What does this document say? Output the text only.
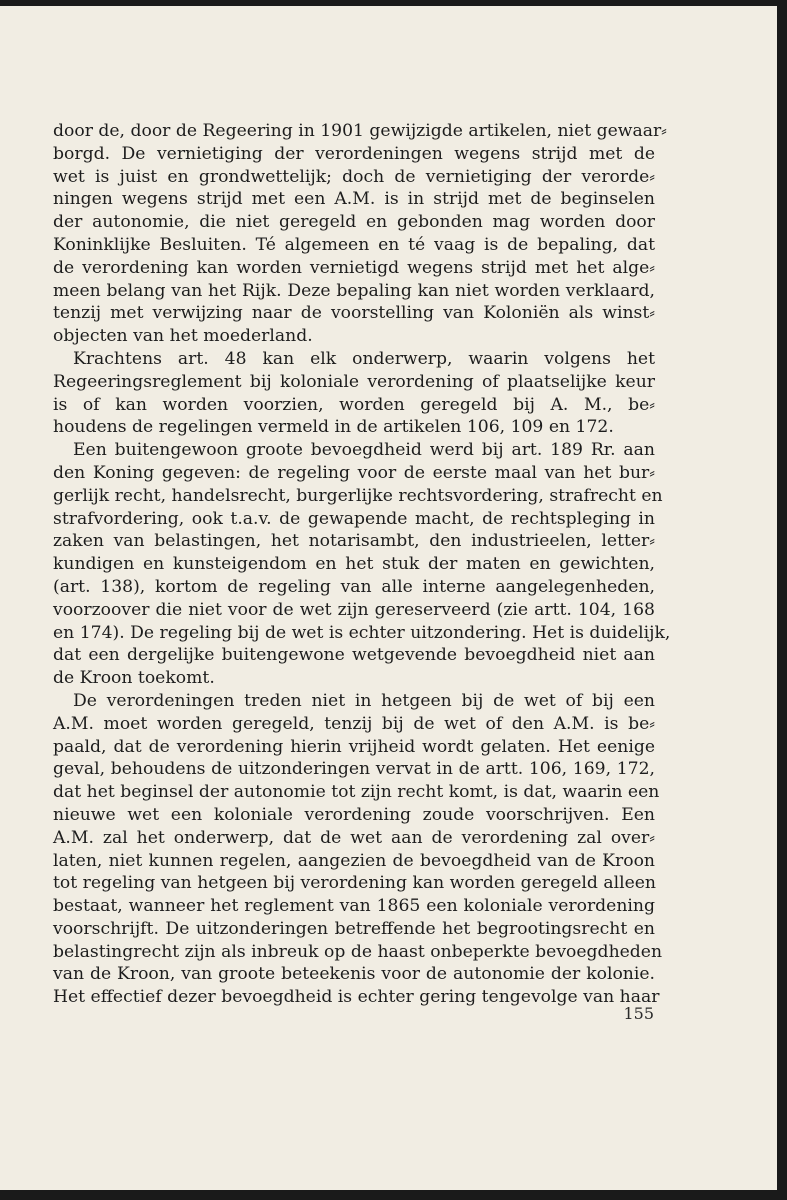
door de, door de Regeering in 1901 gewijzigde artikelen, niet gewaar⸗
borgd. De vernietiging der verordeningen wegens strijd met de
wet is juist en grondwettelijk; doch de vernietiging der verorde⸗
ningen wegens strijd met een A.M. is in strijd met de beginselen
der autonomie, die niet geregeld en gebonden mag worden door
Koninklijke Besluiten. Té algemeen en té vaag is de bepaling, dat
de verordening kan worden vernietigd wegens strijd met het alge⸗
meen belang van het Rijk. Deze bepaling kan niet worden verklaard,
tenzij met verwijzing naar de voorstelling van Koloniën als winst⸗
objecten van het moederland.
Krachtens art. 48 kan elk onderwerp, waarin volgens het
Regeeringsreglement bij koloniale verordening of plaatselijke keur
is of kan worden voorzien, worden geregeld bij A. M., be⸗
houdens de regelingen vermeld in de artikelen 106, 109 en 172.
Een buitengewoon groote bevoegdheid werd bij art. 189 Rr. aan
den Koning gegeven: de regeling voor de eerste maal van het bur⸗
gerlijk recht, handelsrecht, burgerlijke rechtsvordering, strafrecht en
strafvordering, ook t.a.v. de gewapende macht, de rechtspleging in
zaken van belastingen, het notarisambt, den industrieelen, letter⸗
kundigen en kunsteigendom en het stuk der maten en gewichten,
(art. 138), kortom de regeling van alle interne aangelegenheden,
voorzoover die niet voor de wet zijn gereserveerd (zie artt. 104, 168
en 174). De regeling bij de wet is echter uitzondering. Het is duidelijk,
dat een dergelijke buitengewone wetgevende bevoegdheid niet aan
de Kroon toekomt.
De verordeningen treden niet in hetgeen bij de wet of bij een
A.M. moet worden geregeld, tenzij bij de wet of den A.M. is be⸗
paald, dat de verordening hierin vrijheid wordt gelaten. Het eenige
geval, behoudens de uitzonderingen vervat in de artt. 106, 169, 172,
dat het beginsel der autonomie tot zijn recht komt, is dat, waarin een
nieuwe wet een koloniale verordening zoude voorschrijven. Een
A.M. zal het onderwerp, dat de wet aan de verordening zal over⸗
laten, niet kunnen regelen, aangezien de bevoegdheid van de Kroon
tot regeling van hetgeen bij verordening kan worden geregeld alleen
bestaat, wanneer het reglement van 1865 een koloniale verordening
voorschrijft. De uitzonderingen betreffende het begrootingsrecht en
belastingrecht zijn als inbreuk op de haast onbeperkte bevoegdheden
van de Kroon, van groote beteekenis voor de autonomie der kolonie.
Het effectief dezer bevoegdheid is echter gering tengevolge van haar
155
